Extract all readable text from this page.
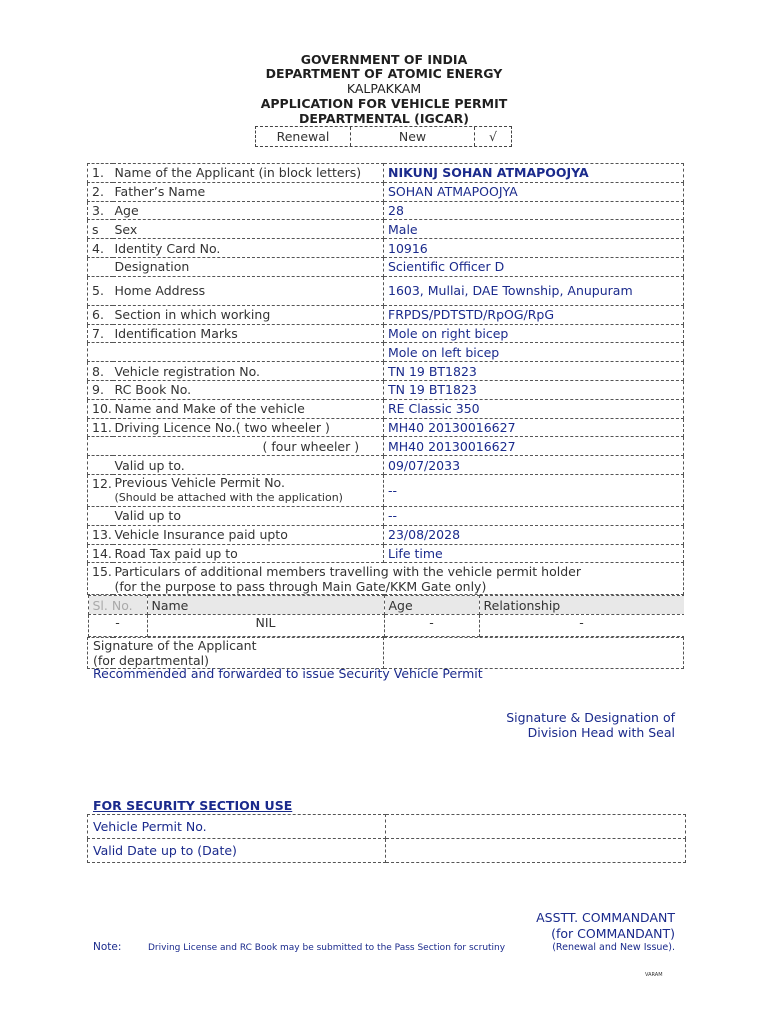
GOVERNMENT OF INDIA
DEPARTMENT OF ATOMIC ENERGY
KALPAKKAM
APPLICATION FOR VEHICLE PERMIT
DEPARTMENTAL (IGCAR)
Renewal	New	√
1.	Name of the Applicant (in block letters)	NIKUNJ SOHAN ATMAPOOJYA
2.	Father’s Name	SOHAN ATMAPOOJYA
3.	Age	28
s	Sex	Male
4.	Identity Card No.	10916
	Designation	Scientific Officer D
5.	Home Address	1603, Mullai, DAE Township, Anupuram
6.	Section in which working	FRPDS/PDTSTD/RpOG/RpG
7.	Identification Marks	Mole on right bicep
		Mole on left bicep
8.	Vehicle registration No.	TN 19 BT1823
9.	RC Book No.	TN 19 BT1823
10.	Name and Make of the vehicle	RE Classic 350
11.	Driving Licence No.( two wheeler )	MH40 20130016627
	( four wheeler )	MH40 20130016627
	Valid up to.	09/07/2033
12.	Previous Vehicle Permit No.
(Should be attached with the application)	--
	Valid up to	--
13.	Vehicle Insurance paid upto	23/08/2028
14.	Road Tax paid up to	Life time
15.	Particulars of additional members travelling with the vehicle permit holder
(for the purpose to pass through Main Gate/KKM Gate only)

Sl. No.	Name	Age	Relationship
-	NIL	-	-

Signature of the Applicant
(for departmental)

Recommended and forwarded to issue Security Vehicle Permit
Signature & Designation of
Division Head with Seal
FOR SECURITY SECTION USE
Vehicle Permit No.	
Valid Date up to (Date)	
ASSTT. COMMANDANT
(for COMMANDANT)
Note:	Driving License and RC Book may be submitted to the Pass Section for scrutiny	(Renewal and New Issue).
VARAM
